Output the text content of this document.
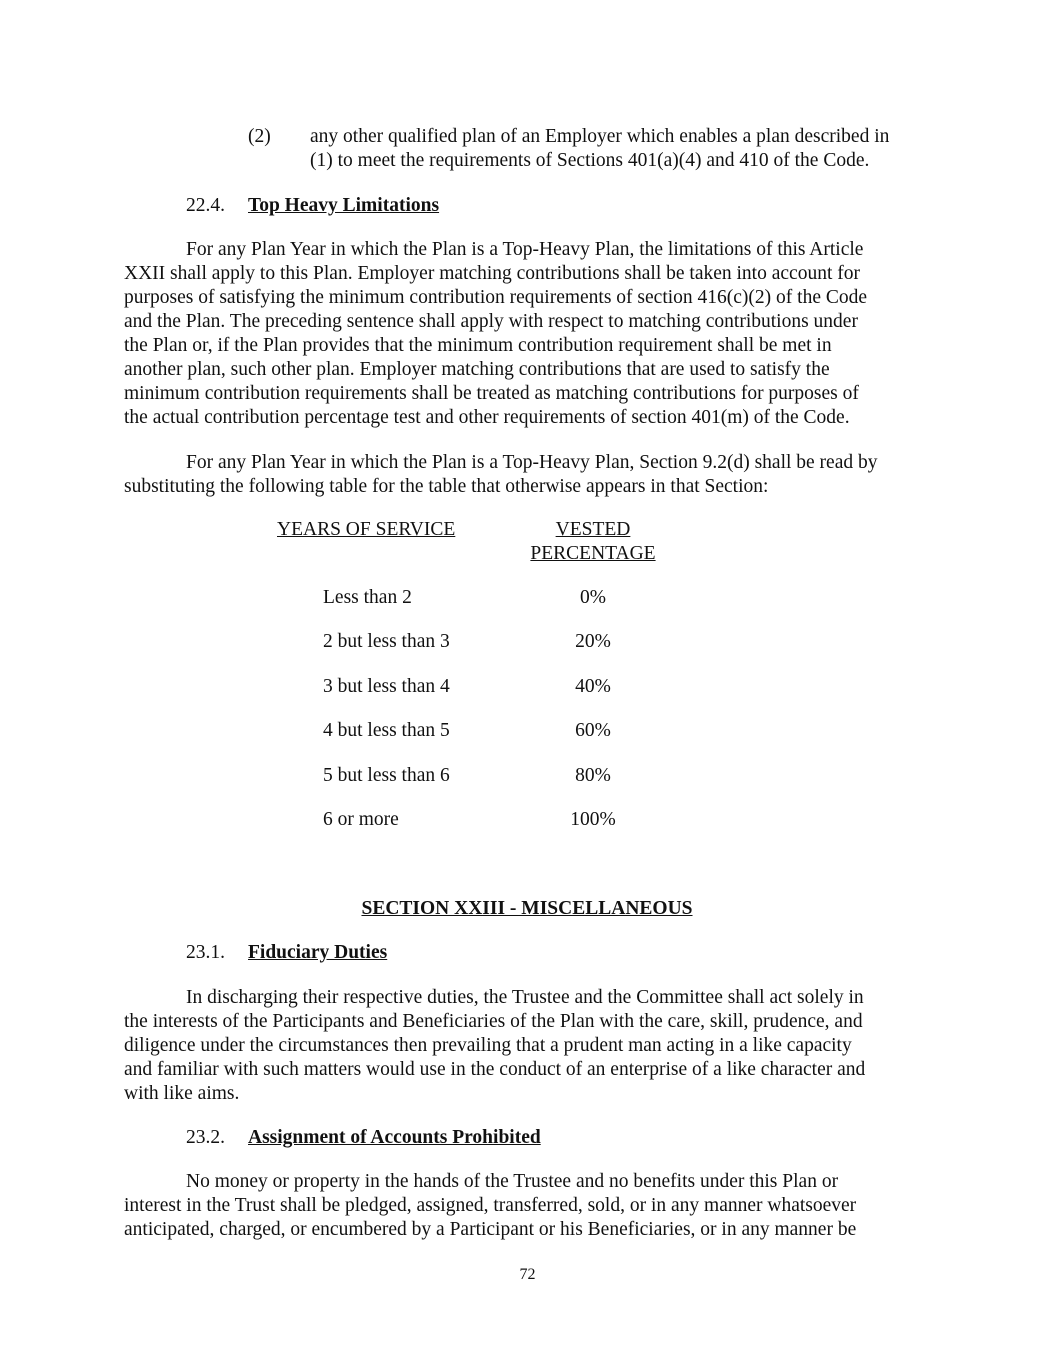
(2) any other qualified plan of an Employer which enables a plan described in
(1) to meet the requirements of Sections 401(a)(4) and 410 of the Code.
22.4. Top Heavy Limitations
For any Plan Year in which the Plan is a Top-Heavy Plan, the limitations of this Article
XXII shall apply to this Plan. Employer matching contributions shall be taken into account for
purposes of satisfying the minimum contribution requirements of section 416(c)(2) of the Code
and the Plan. The preceding sentence shall apply with respect to matching contributions under
the Plan or, if the Plan provides that the minimum contribution requirement shall be met in
another plan, such other plan. Employer matching contributions that are used to satisfy the
minimum contribution requirements shall be treated as matching contributions for purposes of
the actual contribution percentage test and other requirements of section 401(m) of the Code.
For any Plan Year in which the Plan is a Top-Heavy Plan, Section 9.2(d) shall be read by
substituting the following table for the table that otherwise appears in that Section:
YEARS OF SERVICE	VESTED
PERCENTAGE
Less than 2	0%
2 but less than 3	20%
3 but less than 4	40%
4 but less than 5	60%
5 but less than 6	80%
6 or more	100%
SECTION XXIII - MISCELLANEOUS
23.1. Fiduciary Duties
In discharging their respective duties, the Trustee and the Committee shall act solely in
the interests of the Participants and Beneficiaries of the Plan with the care, skill, prudence, and
diligence under the circumstances then prevailing that a prudent man acting in a like capacity
and familiar with such matters would use in the conduct of an enterprise of a like character and
with like aims.
23.2. Assignment of Accounts Prohibited
No money or property in the hands of the Trustee and no benefits under this Plan or
interest in the Trust shall be pledged, assigned, transferred, sold, or in any manner whatsoever
anticipated, charged, or encumbered by a Participant or his Beneficiaries, or in any manner be
72
